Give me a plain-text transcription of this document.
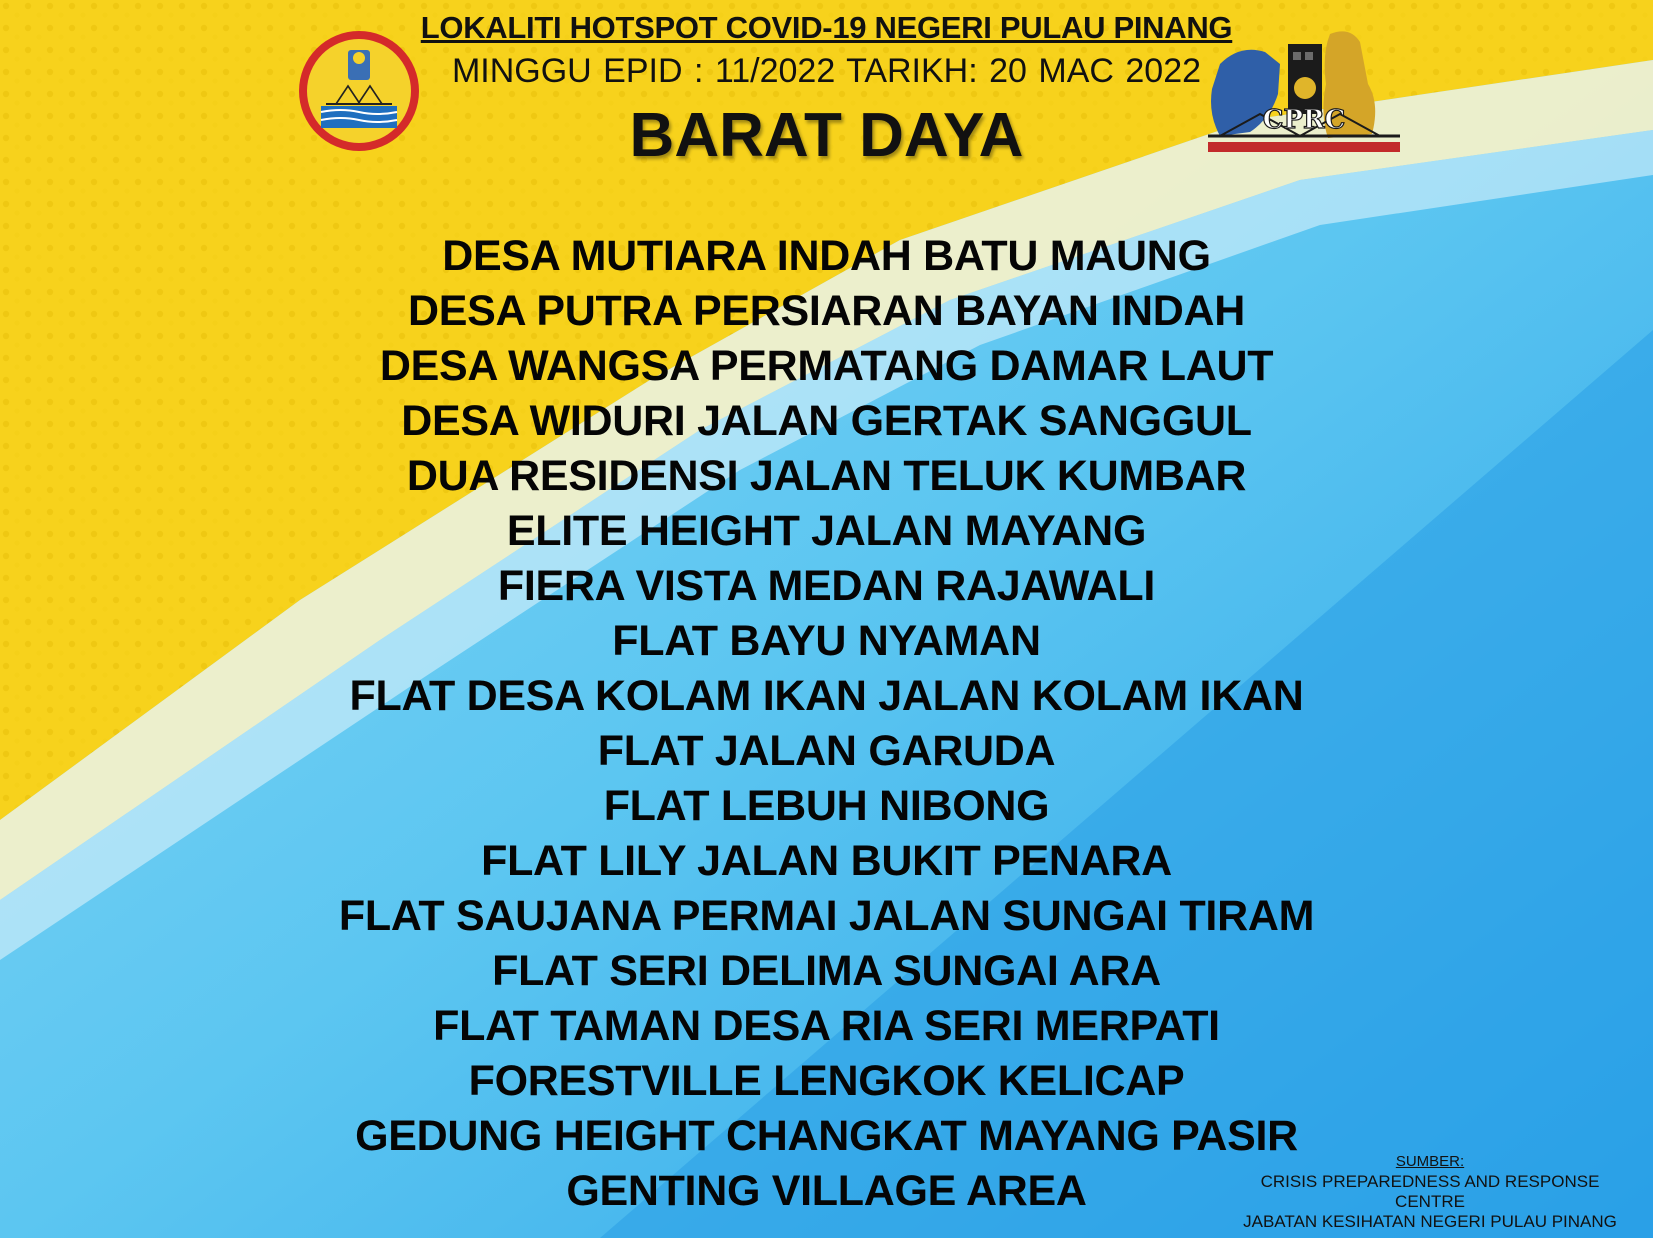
CPRC
LOKALITI HOTSPOT COVID-19 NEGERI PULAU PINANG
MINGGU EPID : 11/2022 TARIKH: 20 MAC 2022
BARAT DAYA
DESA MUTIARA INDAH BATU MAUNG
DESA PUTRA PERSIARAN BAYAN INDAH
DESA WANGSA PERMATANG DAMAR LAUT
DESA WIDURI JALAN GERTAK SANGGUL
DUA RESIDENSI JALAN TELUK KUMBAR
ELITE HEIGHT JALAN MAYANG
FIERA VISTA MEDAN RAJAWALI
FLAT BAYU NYAMAN
FLAT DESA KOLAM IKAN JALAN KOLAM IKAN
FLAT JALAN GARUDA
FLAT LEBUH NIBONG
FLAT LILY JALAN BUKIT PENARA
FLAT SAUJANA PERMAI JALAN SUNGAI TIRAM
FLAT SERI DELIMA SUNGAI ARA
FLAT TAMAN DESA RIA SERI MERPATI
FORESTVILLE LENGKOK KELICAP
GEDUNG HEIGHT CHANGKAT MAYANG PASIR
GENTING VILLAGE AREA
SUMBER:
CRISIS PREPAREDNESS AND RESPONSE
CENTRE
JABATAN KESIHATAN NEGERI PULAU PINANG
